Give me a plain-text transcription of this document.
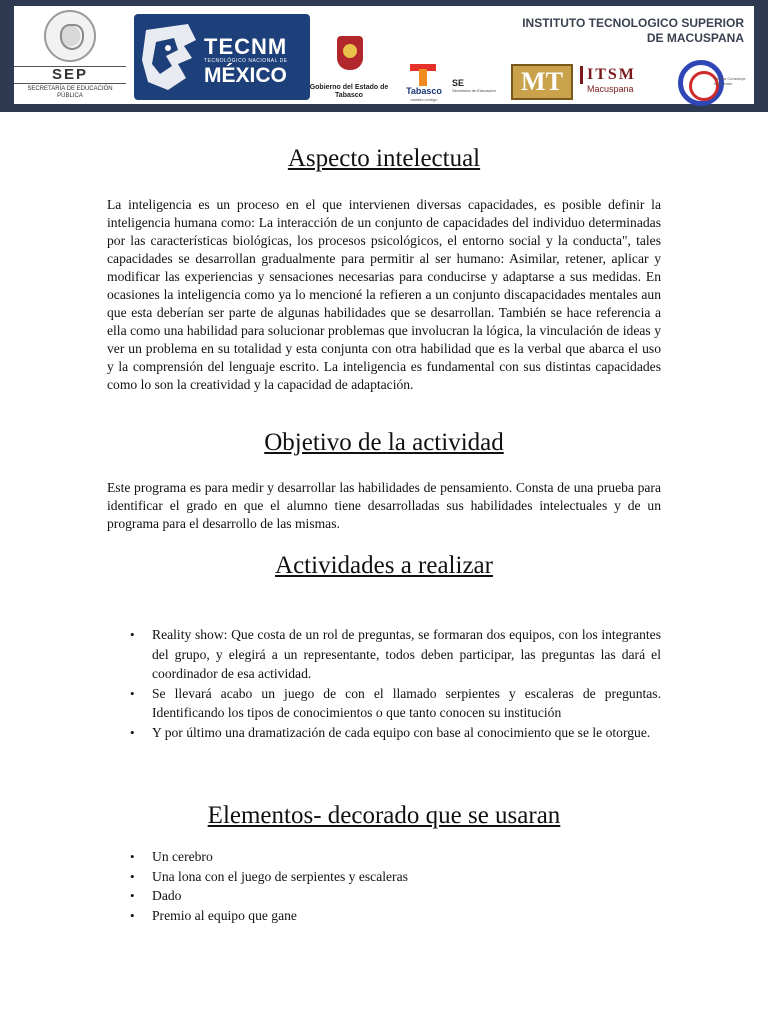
SEP
SECRETARÍA DE EDUCACIÓN PÚBLICA
TECNM
TECNOLÓGICO NACIONAL DE
MÉXICO
Gobierno del Estado de Tabasco	Tabasco
cambia contigo
SE
Secretaría de Educación
INSTITUTO TECNOLOGICO SUPERIOR
DE MACUSPANA
MT	ITSM
Macuspana
Piensa Construye Emprende
Aspecto intelectual

La inteligencia es un proceso en el que intervienen diversas capacidades, es posible definir la inteligencia humana como: La interacción de un conjunto de capacidades del individuo determinadas por las características biológicas, los procesos psicológicos, el entorno social y la conducta", tales capacidades se desarrollan gradualmente para permitir al ser humano: Asimilar, retener, aplicar y modificar las experiencias y sensaciones necesarias para conducirse y adaptarse a sus medidas. En ocasiones la inteligencia como ya lo mencioné la refieren a un conjunto discapacidades mentales aun que esta deberían ser parte de algunas habilidades que se desarrollan. También se hace referencia a ella como una habilidad para solucionar problemas que involucran la lógica, la vinculación de ideas y ver un problema en su totalidad y esta conjunta con otra habilidad que es la verbal que abarca el uso y la comprensión del lenguaje escrito. La inteligencia es fundamental con sus distintas capacidades como lo son la creatividad y la capacidad de adaptación.

Objetivo de la actividad

Este programa es para medir y desarrollar las habilidades de pensamiento. Consta de una prueba para identificar el grado en que el alumno tiene desarrolladas sus habilidades intelectuales y de un programa para el desarrollo de las mismas.

Actividades a realizar
• Reality show: Que costa de un rol de preguntas, se formaran dos equipos, con los integrantes del grupo, y elegirá a un representante, todos deben participar, las preguntas las dará el coordinador de esa actividad.
• Se llevará acabo un juego de con el llamado serpientes y escaleras de preguntas. Identificando los tipos de conocimientos o que tanto conocen su institución
• Y por último una dramatización de cada equipo con base al conocimiento que se le otorgue.
Elementos- decorado que se usaran
• Un cerebro
• Una lona con el juego de serpientes y escaleras
• Dado
• Premio al equipo que gane
